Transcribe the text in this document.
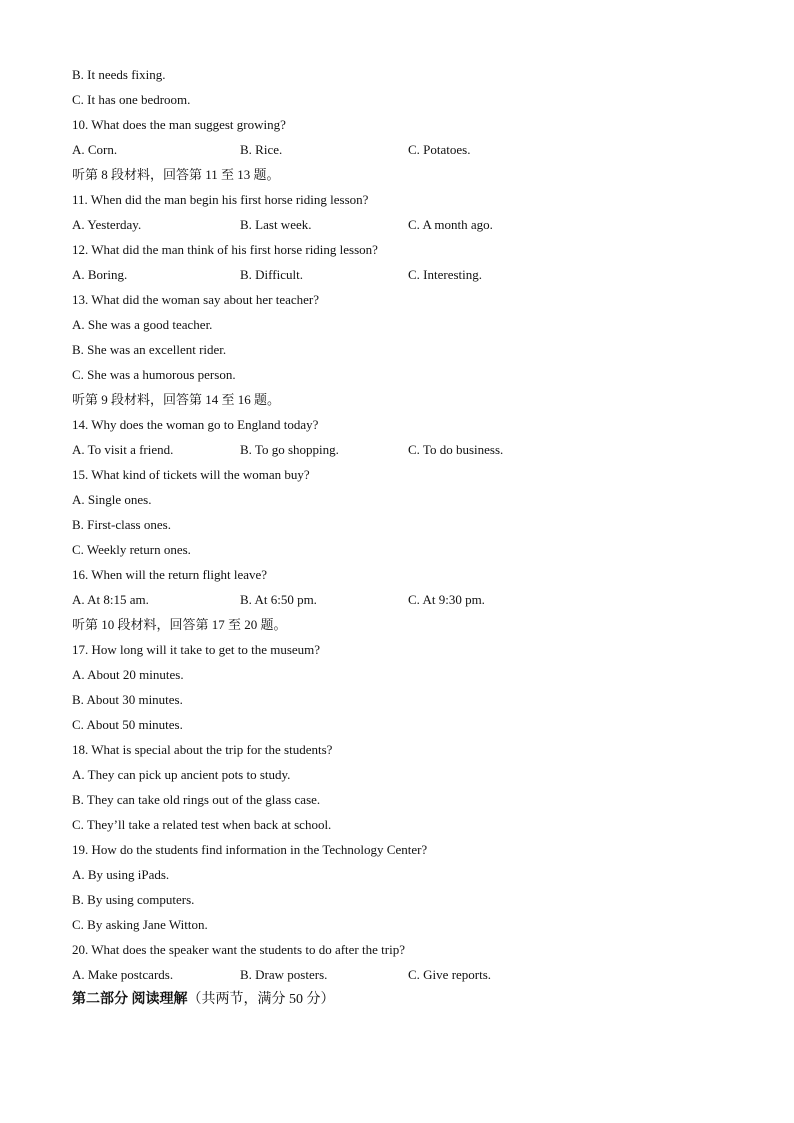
B. It needs fixing.
C. It has one bedroom.
10. What does the man suggest growing?
A. Corn.	B. Rice.	C. Potatoes.
听第 8 段材料，回答第 11 至 13 题。
11. When did the man begin his first horse riding lesson?
A. Yesterday.	B. Last week.	C. A month ago.
12. What did the man think of his first horse riding lesson?
A. Boring.	B. Difficult.	C. Interesting.
13. What did the woman say about her teacher?
A. She was a good teacher.
B. She was an excellent rider.
C. She was a humorous person.
听第 9 段材料，回答第 14 至 16 题。
14. Why does the woman go to England today?
A. To visit a friend.	B. To go shopping.	C. To do business.
15. What kind of tickets will the woman buy?
A. Single ones.
B. First-class ones.
C. Weekly return ones.
16. When will the return flight leave?
A. At 8:15 am.	B. At 6:50 pm.	C. At 9:30 pm.
听第 10 段材料，回答第 17 至 20 题。
17. How long will it take to get to the museum?
A. About 20 minutes.
B. About 30 minutes.
C. About 50 minutes.
18. What is special about the trip for the students?
A. They can pick up ancient pots to study.
B. They can take old rings out of the glass case.
C. They’ll take a related test when back at school.
19. How do the students find information in the Technology Center?
A. By using iPads.
B. By using computers.
C. By asking Jane Witton.
20. What does the speaker want the students to do after the trip?
A. Make postcards.	B. Draw posters.	C. Give reports.
第二部分 阅读理解（共两节，满分 50 分）
